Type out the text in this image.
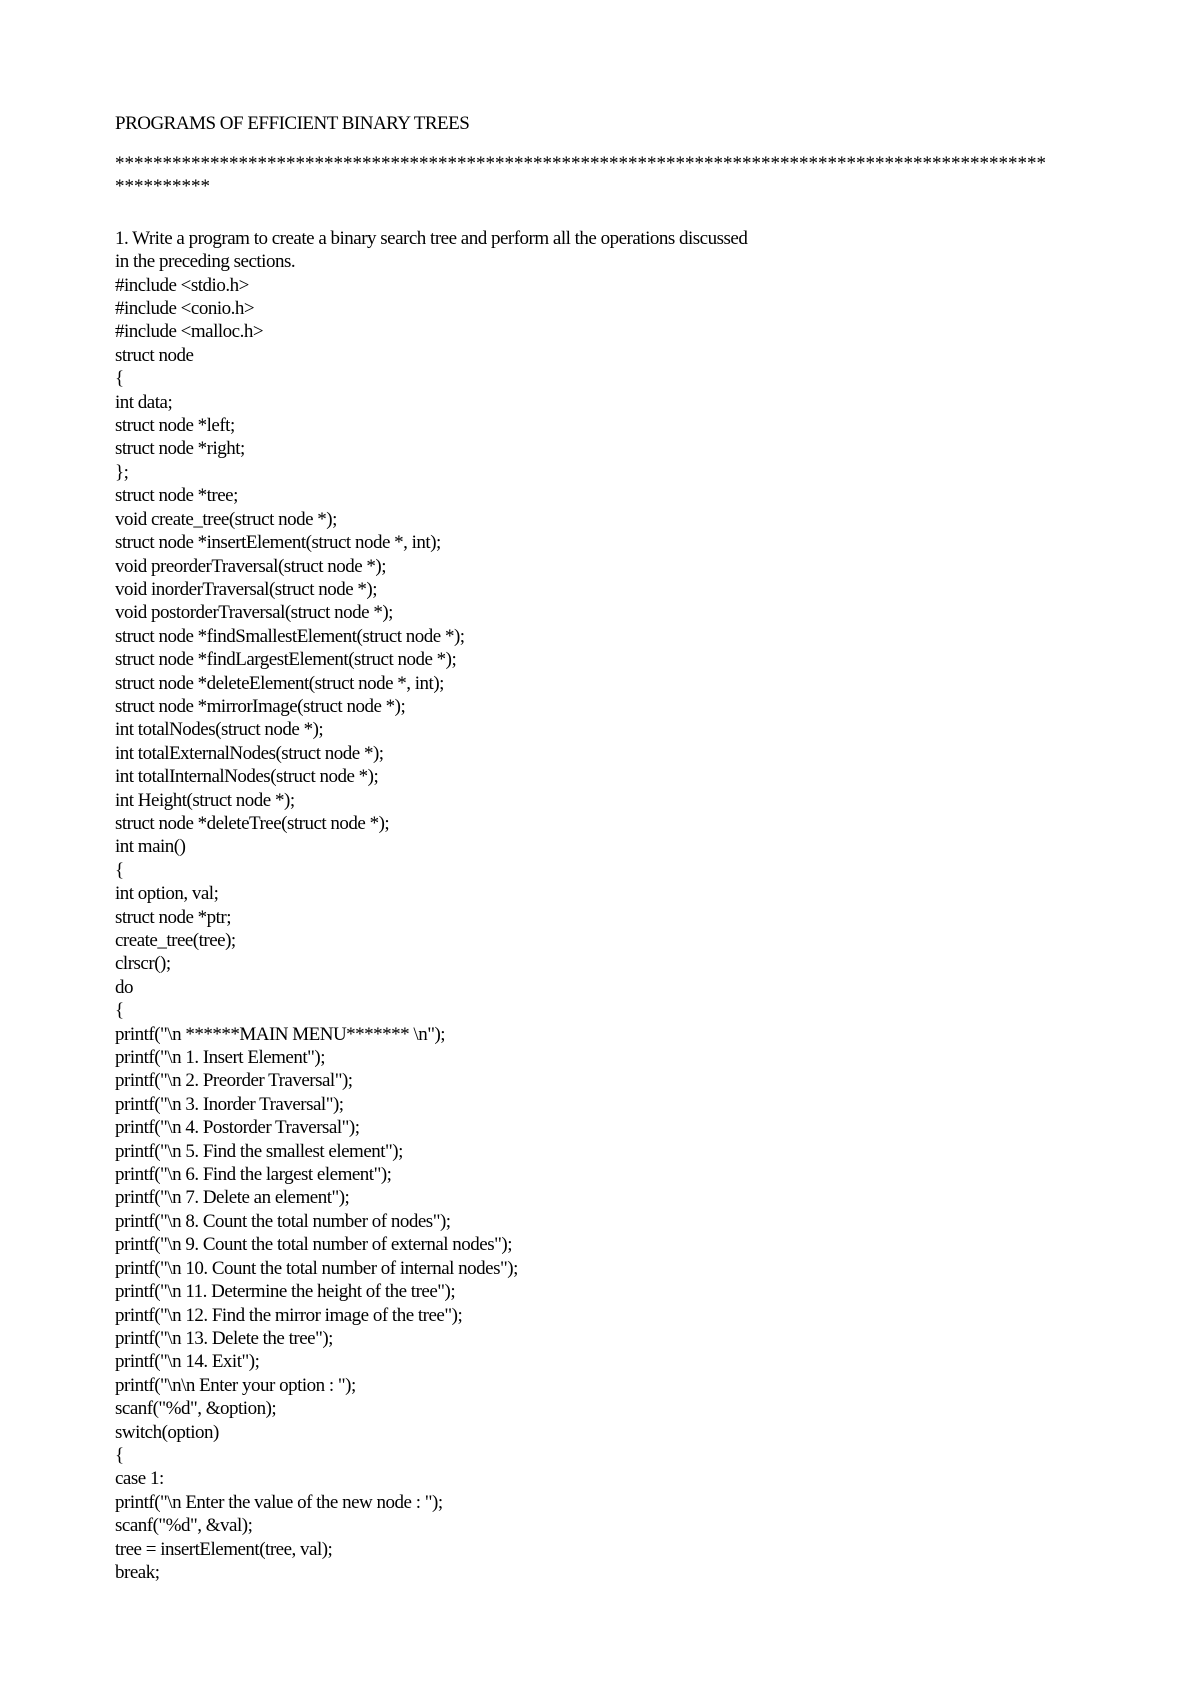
PROGRAMS OF EFFICIENT BINARY TREES
**************************************************************************************************
**********
1. Write a program to create a binary search tree and perform all the operations discussed
in the preceding sections.
#include <stdio.h>
#include <conio.h>
#include <malloc.h>
struct node
{
int data;
struct node *left;
struct node *right;
};
struct node *tree;
void create_tree(struct node *);
struct node *insertElement(struct node *, int);
void preorderTraversal(struct node *);
void inorderTraversal(struct node *);
void postorderTraversal(struct node *);
struct node *findSmallestElement(struct node *);
struct node *findLargestElement(struct node *);
struct node *deleteElement(struct node *, int);
struct node *mirrorImage(struct node *);
int totalNodes(struct node *);
int totalExternalNodes(struct node *);
int totalInternalNodes(struct node *);
int Height(struct node *);
struct node *deleteTree(struct node *);
int main()
{
int option, val;
struct node *ptr;
create_tree(tree);
clrscr();
do
{
printf("\n ******MAIN MENU******* \n");
printf("\n 1. Insert Element");
printf("\n 2. Preorder Traversal");
printf("\n 3. Inorder Traversal");
printf("\n 4. Postorder Traversal");
printf("\n 5. Find the smallest element");
printf("\n 6. Find the largest element");
printf("\n 7. Delete an element");
printf("\n 8. Count the total number of nodes");
printf("\n 9. Count the total number of external nodes");
printf("\n 10. Count the total number of internal nodes");
printf("\n 11. Determine the height of the tree");
printf("\n 12. Find the mirror image of the tree");
printf("\n 13. Delete the tree");
printf("\n 14. Exit");
printf("\n\n Enter your option : ");
scanf("%d", &option);
switch(option)
{
case 1:
printf("\n Enter the value of the new node : ");
scanf("%d", &val);
tree = insertElement(tree, val);
break;
